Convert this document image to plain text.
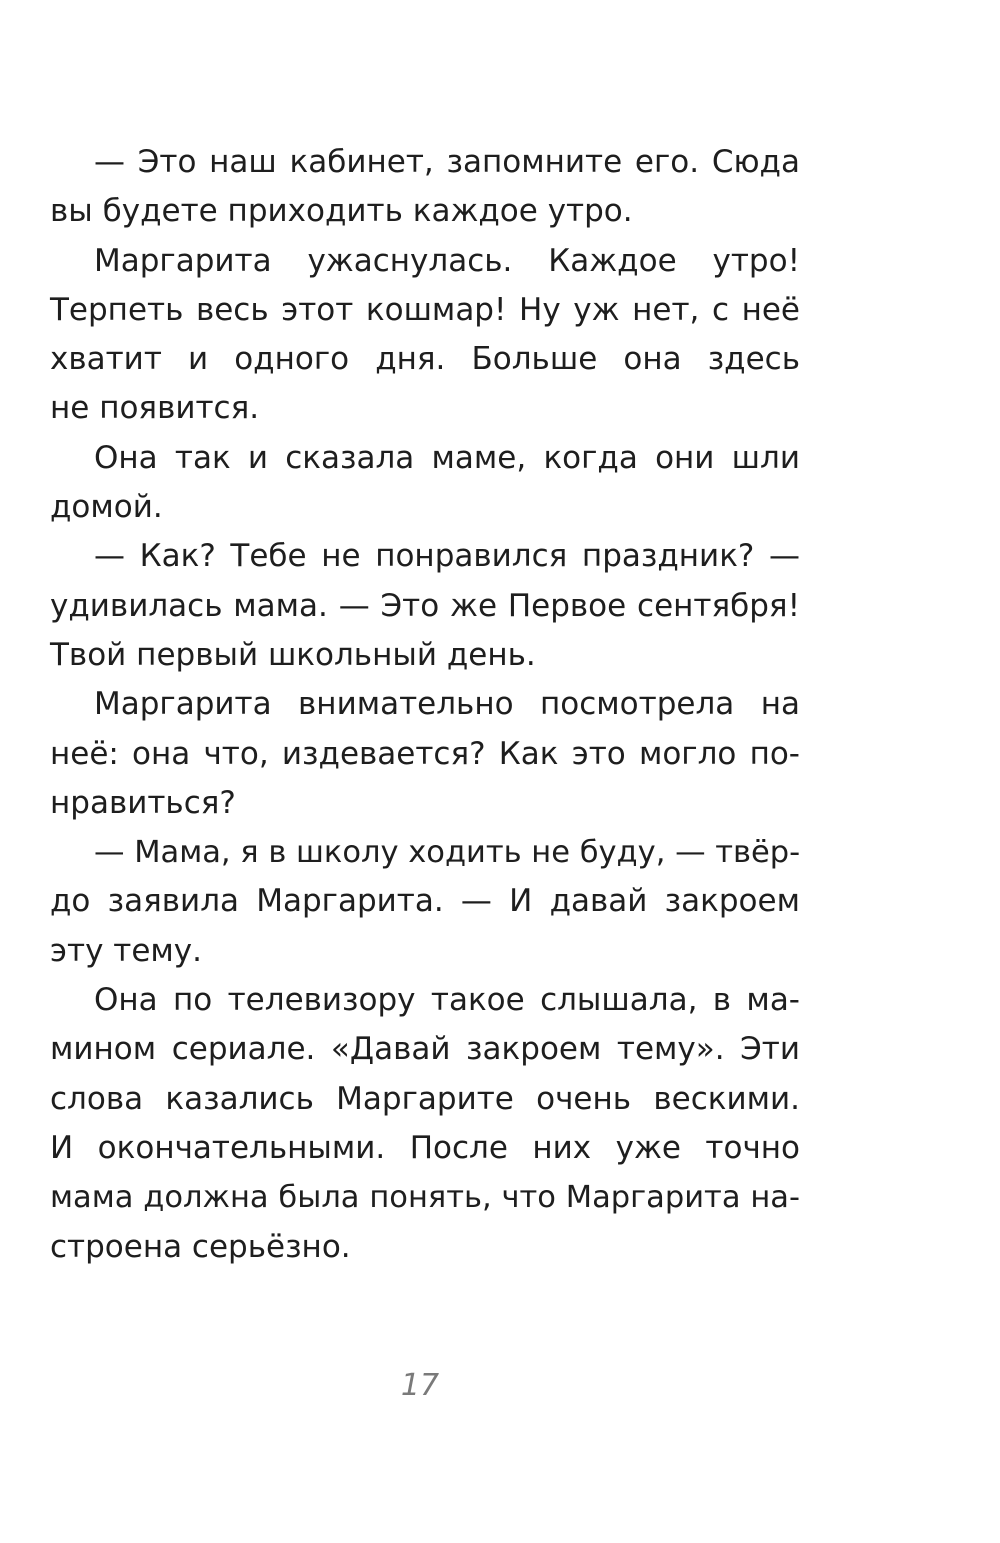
— Это наш кабинет, запомните его. Сюда
вы будете приходить каждое утро.
Маргарита ужаснулась. Каждое утро!
Терпеть весь этот кошмар! Ну уж нет, с неё
хватит и одного дня. Больше она здесь
не появится.
Она так и сказала маме, когда они шли
домой.
— Как? Тебе не понравился праздник? —
удивилась мама. — Это же Первое сентября!
Твой первый школьный день.
Маргарита внимательно посмотрела на
неё: она что, издевается? Как это могло по-
нравиться?
— Мама, я в школу ходить не буду, — твёр-
до заявила Маргарита. — И давай закроем
эту тему.
Она по телевизору такое слышала, в ма-
мином сериале. «Давай закроем тему». Эти
слова казались Маргарите очень вескими.
И окончательными. После них уже точно
мама должна была понять, что Маргарита на-
строена серьёзно.
17
